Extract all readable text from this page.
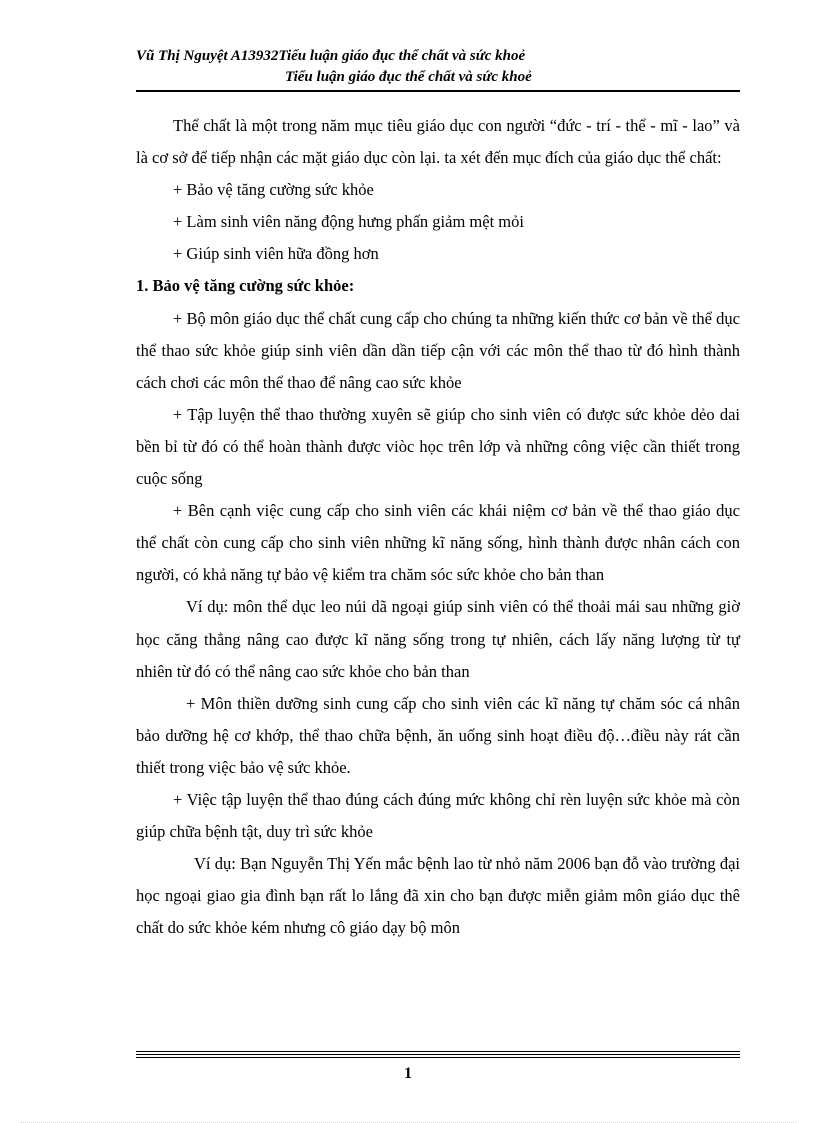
Vũ Thị Nguyệt A13932Tiểu luận giáo đục thể chất và sức khoẻ
Tiểu luận giáo đục thể chất và sức khoẻ

Thể chất là một trong năm mục tiêu giáo dục con người “đức - trí - thể - mĩ - lao” và là cơ sở để tiếp nhận các mặt giáo dục còn lại. ta xét đến mục đích của giáo dục thể chất:

+ Bảo vệ tăng cường sức khỏe

+ Làm sinh viên năng động hưng phấn giảm mệt mỏi

+ Giúp sinh viên hữa đồng hơn

1. Bảo vệ tăng cường sức khỏe:

+ Bộ môn giáo dục thể chất cung cấp cho chúng ta những kiến thức cơ bản về thể dục thể thao sức khỏe giúp sinh viên dần dần tiếp cận với các môn thể thao từ đó hình thành cách chơi các môn thể thao để nâng cao sức khỏe

+ Tập luyện thể thao thường xuyên sẽ giúp cho sinh viên có được sức khỏe dẻo dai bền bỉ từ đó có thể hoàn thành được viòc học trên lớp và những công việc cần thiết trong cuộc sống

+ Bên cạnh việc cung cấp cho sinh viên các khái niệm cơ bản về thể thao giáo dục thể chất còn cung cấp cho sinh viên những kĩ năng sống, hình thành được nhân cách con người, có khả năng tự bảo vệ kiểm tra chăm sóc sức khỏe cho bản than

Ví dụ: môn thể dục leo núi dã ngoại giúp sinh viên có thể thoải mái sau những giờ học căng thẳng nâng cao được kĩ năng sống trong tự nhiên, cách lấy năng lượng từ tự nhiên từ đó có thể nâng cao sức khỏe cho bản than

+ Môn thiền dưỡng sinh cung cấp cho sinh viên các kĩ năng tự chăm sóc cá nhân bảo dưỡng hệ cơ khớp, thể thao chữa bệnh, ăn uống sinh hoạt điều độ…điều này rát cần thiết trong việc bảo vệ sức khỏe.

+ Việc tập luyện thể thao đúng cách đúng mức không chỉ rèn luyện sức khỏe mà còn giúp chữa bệnh tật, duy trì sức khỏe

Ví dụ: Bạn Nguyễn Thị Yến mắc bệnh lao từ nhỏ năm 2006 bạn đỗ vào trường đại học ngoại giao gia đình bạn rất lo lắng đã xin cho bạn được miễn giảm môn giáo dục thê chất do sức khỏe kém nhưng cô giáo dạy bộ môn

1
